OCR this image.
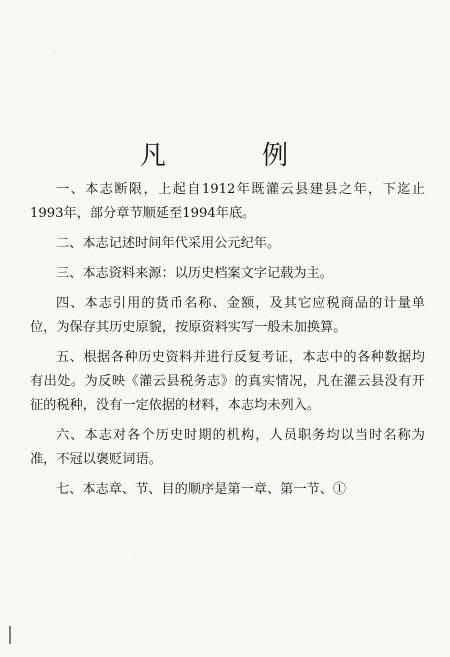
凡 例

一、本志断限，上起自1912年既灌云县建县之年，下迄止1993年，部分章节顺延至1994年底。

二、本志记述时间年代采用公元纪年。

三、本志资料来源：以历史档案文字记载为主。

四、本志引用的货币名称、金额，及其它应税商品的计量单位，为保存其历史原貌，按原资料实写一般未加换算。

五、根据各种历史资料并进行反复考证，本志中的各种数据均有出处。为反映《灌云县税务志》的真实情况，凡在灌云县没有开征的税种，没有一定依据的材料，本志均未列入。

六、本志对各个历史时期的机构，人员职务均以当时名称为准，不冠以褒贬词语。

七、本志章、节、目的顺序是第一章、第一节、①
